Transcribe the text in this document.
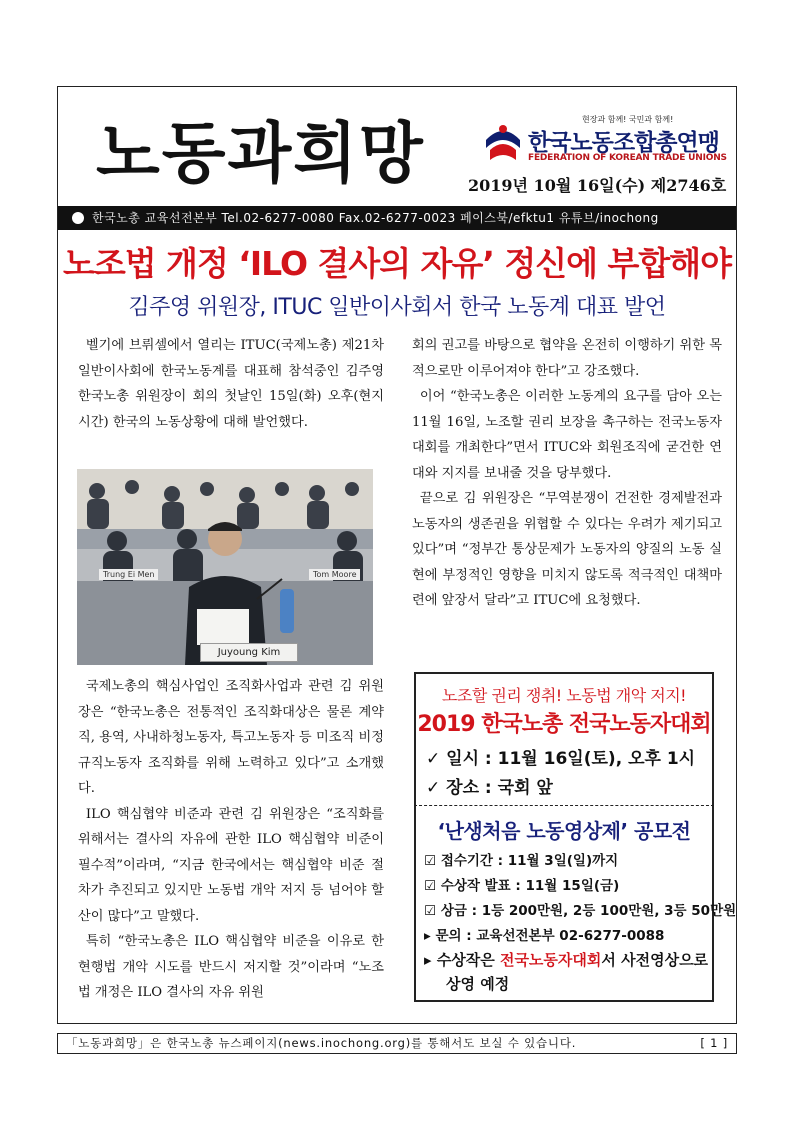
노동과희망	현장과 함께! 국민과 함께!
한국노동조합총연맹
FEDERATION OF KOREAN TRADE UNIONS
2019년 10월 16일(수) 제2746호
한국노총 교육선전본부 Tel.02-6277-0080 Fax.02-6277-0023 페이스북/efktu1 유튜브/inochong
노조법 개정 ‘ILO 결사의 자유’ 정신에 부합해야
김주영 위원장, ITUC 일반이사회서 한국 노동계 대표 발언

벨기에 브뤼셀에서 열리는 ITUC(국제노총) 제21차 일반이사회에 한국노동계를 대표해 참석중인 김주영 한국노총 위원장이 회의 첫날인 15일(화) 오후(현지시간) 한국의 노동상황에 대해 발언했다.

Trung Ei Men	Tom Moore
Juyoung Kim

국제노총의 핵심사업인 조직화사업과 관련 김 위원장은 “한국노총은 전통적인 조직화대상은 물론 계약직, 용역, 사내하청노동자, 특고노동자 등 미조직 비정규직노동자 조직화를 위해 노력하고 있다”고 소개했다.

ILO 핵심협약 비준과 관련 김 위원장은 “조직화를 위해서는 결사의 자유에 관한 ILO 핵심협약 비준이 필수적”이라며, “지금 한국에서는 핵심협약 비준 절차가 추진되고 있지만 노동법 개악 저지 등 넘어야 할 산이 많다”고 말했다.

특히 “한국노총은 ILO 핵심협약 비준을 이유로 한 현행법 개악 시도를 반드시 저지할 것”이라며 “노조법 개정은 ILO 결사의 자유 위원

회의 권고를 바탕으로 협약을 온전히 이행하기 위한 목적으로만 이루어져야 한다”고 강조했다.

이어 “한국노총은 이러한 노동계의 요구를 담아 오는 11월 16일, 노조할 권리 보장을 촉구하는 전국노동자대회를 개최한다”면서 ITUC와 회원조직에 굳건한 연대와 지지를 보내줄 것을 당부했다.

끝으로 김 위원장은 “무역분쟁이 건전한 경제발전과 노동자의 생존권을 위협할 수 있다는 우려가 제기되고 있다”며 “정부간 통상문제가 노동자의 양질의 노동 실현에 부정적인 영향을 미치지 않도록 적극적인 대책마련에 앞장서 달라”고 ITUC에 요청했다.

노조할 권리 쟁취! 노동법 개악 저지!
2019 한국노총 전국노동자대회
✓ 일시 : 11월 16일(토), 오후 1시
✓ 장소 : 국회 앞
‘난생처음 노동영상제’ 공모전
☑ 접수기간 : 11월 3일(일)까지
☑ 수상작 발표 : 11월 15일(금)
☑ 상금 : 1등 200만원, 2등 100만원, 3등 50만원
▸ 문의 : 교육선전본부 02-6277-0088
▸ 수상작은 전국노동자대회서 사전영상으로
상영 예정
「노동과희망」은 한국노총 뉴스페이지(news.inochong.org)를 통해서도 보실 수 있습니다.	[ 1 ]
